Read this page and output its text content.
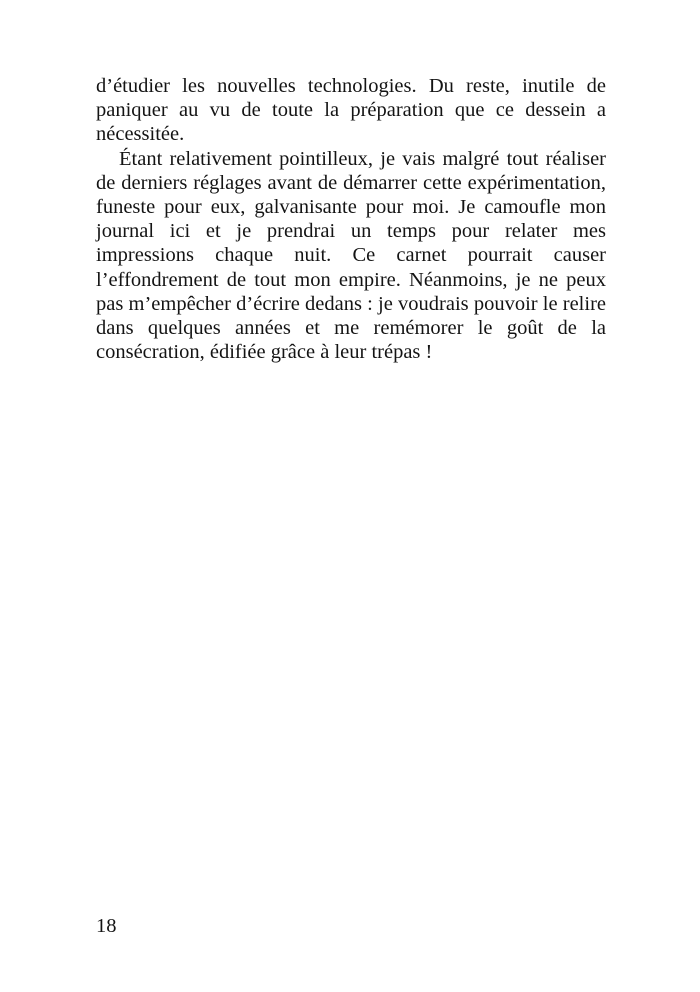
d’étudier les nouvelles technologies. Du reste, inutile de paniquer au vu de toute la préparation que ce dessein a nécessitée.

Étant relativement pointilleux, je vais malgré tout réaliser de derniers réglages avant de démarrer cette expérimentation, funeste pour eux, galvanisante pour moi. Je camoufle mon journal ici et je prendrai un temps pour relater mes impressions chaque nuit. Ce carnet pourrait causer l’effondrement de tout mon empire. Néanmoins, je ne peux pas m’empêcher d’écrire dedans : je voudrais pouvoir le relire dans quelques années et me remémorer le goût de la consécration, édifiée grâce à leur trépas !

18
